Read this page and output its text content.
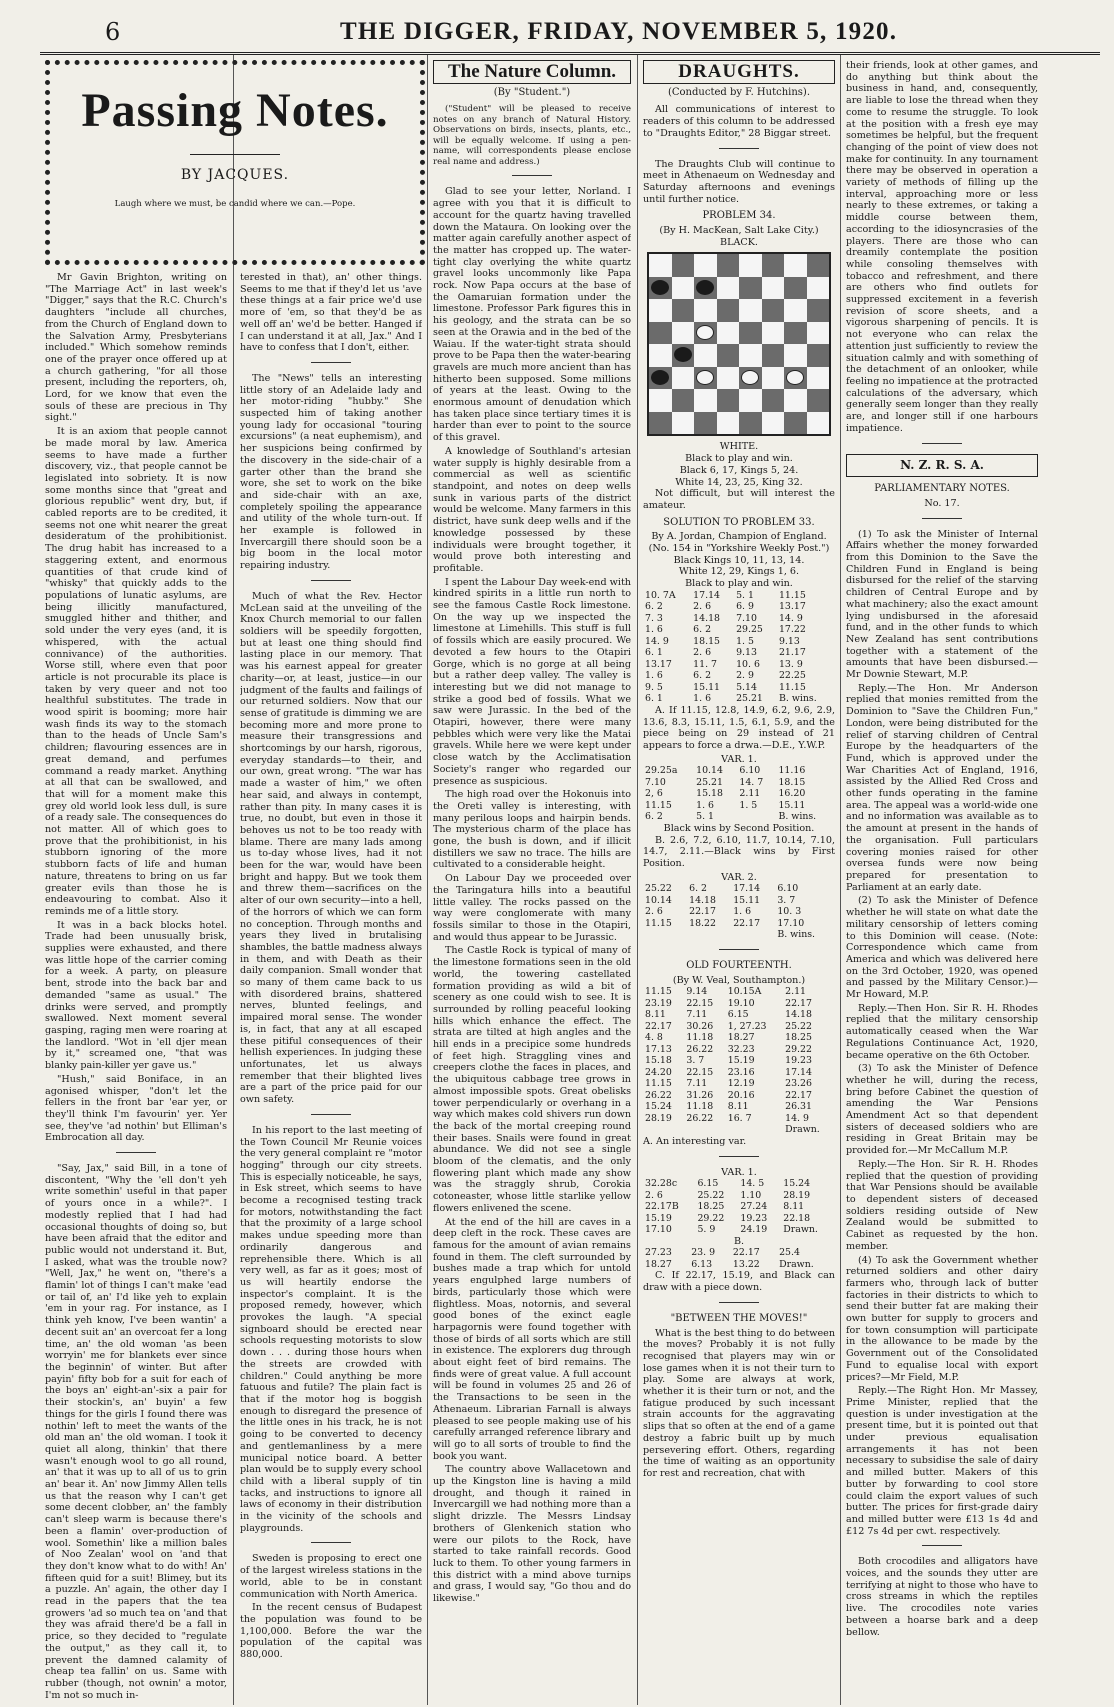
6	THE DIGGER, FRIDAY, NOVEMBER 5, 1920.
Passing Notes.
BY JACQUES.
Laugh where we must, be candid where we can.—Pope.

Mr Gavin Brighton, writing on "The Marriage Act" in last week's "Digger," says that the R.C. Church's daughters "include all churches, from the Church of England down to the Salvation Army, Presbyterians included." Which somehow reminds one of the prayer once offered up at a church gathering, "for all those present, including the reporters, oh, Lord, for we know that even the souls of these are precious in Thy sight."

It is an axiom that people cannot be made moral by law. America seems to have made a further discovery, viz., that people cannot be legislated into sobriety. It is now some months since that "great and glorious republic" went dry, but, if cabled reports are to be credited, it seems not one whit nearer the great desideratum of the prohibitionist. The drug habit has increased to a staggering extent, and enormous quantities of that crude kind of "whisky" that quickly adds to the populations of lunatic asylums, are being illicitly manufactured, smuggled hither and thither, and sold under the very eyes (and, it is whispered, with the actual connivance) of the authorities. Worse still, where even that poor article is not procurable its place is taken by very queer and not too healthful substitutes. The trade in wood spirit is booming; more hair wash finds its way to the stomach than to the heads of Uncle Sam's children; flavouring essences are in great demand, and perfumes command a ready market. Anything at all that can be swallowed, and that will for a moment make this grey old world look less dull, is sure of a ready sale. The consequences do not matter. All of which goes to prove that the prohibitionist, in his stubborn ignoring of the more stubborn facts of life and human nature, threatens to bring on us far greater evils than those he is endeavouring to combat. Also it reminds me of a little story.

It was in a back blocks hotel. Trade had been unusually brisk, supplies were exhausted, and there was little hope of the carrier coming for a week. A party, on pleasure bent, strode into the back bar and demanded "same as usual." The drinks were served, and promptly swallowed. Next moment several gasping, raging men were roaring at the landlord. "Wot in 'ell djer mean by it," screamed one, "that was blanky pain-killer yer gave us."

"Hush," said Boniface, in an agonised whisper, "don't let the fellers in the front bar 'ear yer, or they'll think I'm favourin' yer. Yer see, they've 'ad nothin' but Elliman's Embrocation all day.

"Say, Jax," said Bill, in a tone of discontent, "Why the 'ell don't yeh write somethin' useful in that paper of yours once in a while?". I modestly replied that I had had occasional thoughts of doing so, but have been afraid that the editor and public would not understand it. But, I asked, what was the trouble now? "Well, Jax," he went on, "there's a flamin' lot of things I can't make 'ead or tail of, an' I'd like yeh to explain 'em in your rag. For instance, as I think yeh know, I've been wantin' a decent suit an' an overcoat fer a long time, an' the old woman 'as been worryin' me for blankets ever since the beginnin' of winter. But after payin' fifty bob for a suit for each of the boys an' eight-an'-six a pair for their stockin's, an' buyin' a few things for the girls I found there was nothin' left to meet the wants of the old man an' the old woman. I took it quiet all along, thinkin' that there wasn't enough wool to go all round, an' that it was up to all of us to grin an' bear it. An' now Jimmy Allen tells us that the reason why I can't get some decent clobber, an' the fambly can't sleep warm is because there's been a flamin' over-production of wool. Somethin' like a million bales of Noo Zealan' wool on 'and that they don't know what to do with! An' fifteen quid for a suit! Blimey, but its a puzzle. An' again, the other day I read in the papers that the tea growers 'ad so much tea on 'and that they was afraid there'd be a fall in price, so they decided to "regulate the output," as they call it, to prevent the damned calamity of cheap tea fallin' on us. Same with rubber (though, not ownin' a motor, I'm not so much in-

terested in that), an' other things. Seems to me that if they'd let us 'ave these things at a fair price we'd use more of 'em, so that they'd be as well off an' we'd be better. Hanged if I can understand it at all, Jax." And I have to confess that I don't, either.

The "News" tells an interesting little story of an Adelaide lady and her motor-riding "hubby." She suspected him of taking another young lady for occasional "touring excursions" (a neat euphemism), and her suspicions being confirmed by the discovery in the side-chair of a garter other than the brand she wore, she set to work on the bike and side-chair with an axe, completely spoiling the appearance and utility of the whole turn-out. If her example is followed in Invercargill there should soon be a big boom in the local motor repairing industry.

Much of what the Rev. Hector McLean said at the unveiling of the Knox Church memorial to our fallen soldiers will be speedily forgotten, but at least one thing should find lasting place in our memory. That was his earnest appeal for greater charity—or, at least, justice—in our judgment of the faults and failings of our returned soldiers. Now that our sense of gratitude is dimming we are becoming more and more prone to measure their transgressions and shortcomings by our harsh, rigorous, everyday standards—to their, and our own, great wrong. "The war has made a waster of him," we often hear said, and always in contempt, rather than pity. In many cases it is true, no doubt, but even in those it behoves us not to be too ready with blame. There are many lads among us to-day whose lives, had it not been for the war, would have been bright and happy. But we took them and threw them—sacrifices on the alter of our own security—into a hell, of the horrors of which we can form no conception. Through months and years they lived in brutalising shambles, the battle madness always in them, and with Death as their daily companion. Small wonder that so many of them came back to us with disordered brains, shattered nerves, blunted feelings, and impaired moral sense. The wonder is, in fact, that any at all escaped these pitiful consequences of their hellish experiences. In judging these unfortunates, let us always remember that their blighted lives are a part of the price paid for our own safety.

In his report to the last meeting of the Town Council Mr Reunie voices the very general complaint re "motor hogging" through our city streets. This is especially noticeable, he says, in Esk street, which seems to have become a recognised testing track for motors, notwithstanding the fact that the proximity of a large school makes undue speeding more than ordinarily dangerous and reprehensible there. Which is all very well, as far as it goes; most of us will heartily endorse the inspector's complaint. It is the proposed remedy, however, which provokes the laugh. "A special signboard should be erected near schools requesting motorists to slow down . . . during those hours when the streets are crowded with children." Could anything be more fatuous and futile? The plain fact is that if the motor hog is boggish enough to disregard the presence of the little ones in his track, he is not going to be converted to decency and gentlemanliness by a mere municipal notice board. A better plan would be to supply every school child with a liberal supply of tin tacks, and instructions to ignore all laws of economy in their distribution in the vicinity of the schools and playgrounds.

Sweden is proposing to erect one of the largest wireless stations in the world, able to be in constant communication with North America.

In the recent census of Budapest the population was found to be 1,100,000. Before the war the population of the capital was 880,000.

The Nature Column.
(By "Student.")

("Student" will be pleased to receive notes on any branch of Natural History. Observations on birds, insects, plants, etc., will be equally welcome. If using a pen-name, will correspondents please enclose real name and address.)

Glad to see your letter, Norland. I agree with you that it is difficult to account for the quartz having travelled down the Mataura. On looking over the matter again carefully another aspect of the matter has cropped up. The water-tight clay overlying the white quartz gravel looks uncommonly like Papa rock. Now Papa occurs at the base of the Oamaruian formation under the limestone. Professor Park figures this in his geology, and the strata can be so seen at the Orawia and in the bed of the Waiau. If the water-tight strata should prove to be Papa then the water-bearing gravels are much more ancient than has hitherto been supposed. Some millions of years at the least. Owing to the enormous amount of denudation which has taken place since tertiary times it is harder than ever to point to the source of this gravel.

A knowledge of Southland's artesian water supply is highly desirable from a commercial as well as scientific standpoint, and notes on deep wells sunk in various parts of the district would be welcome. Many farmers in this district, have sunk deep wells and if the knowledge possessed by these individuals were brought together, it would prove both interesting and profitable.

I spent the Labour Day week-end with kindred spirits in a little run north to see the famous Castle Rock limestone. On the way up we inspected the limestone at Limehills. This stuff is full of fossils which are easily procured. We devoted a few hours to the Otapiri Gorge, which is no gorge at all being but a rather deep valley. The valley is interesting but we did not manage to strike a good bed of fossils. What we saw were Jurassic. In the bed of the Otapiri, however, there were many pebbles which were very like the Matai gravels. While here we were kept under close watch by the Acclimatisation Society's ranger who regarded our presence as suspicious.

The high road over the Hokonuis into the Oreti valley is interesting, with many perilous loops and hairpin bends. The mysterious charm of the place has gone, the bush is down, and if illicit distillers we saw no trace. The hills are cultivated to a considerable height.

On Labour Day we proceeded over the Taringatura hills into a beautiful little valley. The rocks passed on the way were conglomerate with many fossils similar to those in the Otapiri, and would thus appear to be Jurassic.

The Castle Rock is typical of many of the limestone formations seen in the old world, the towering castellated formation providing as wild a bit of scenery as one could wish to see. It is surrounded by rolling peaceful looking hills which enhance the effect. The strata are tilted at high angles and the hill ends in a precipice some hundreds of feet high. Straggling vines and creepers clothe the faces in places, and the ubiquitous cabbage tree grows in almost impossible spots. Great obelisks tower perpendicularly or overhang in a way which makes cold shivers run down the back of the mortal creeping round their bases. Snails were found in great abundance. We did not see a single bloom of the clematis, and the only flowering plant which made any show was the straggly shrub, Corokia cotoneaster, whose little starlike yellow flowers enlivened the scene.

At the end of the hill are caves in a deep cleft in the rock. These caves are famous for the amount of avian remains found in them. The cleft surrounded by bushes made a trap which for untold years engulphed large numbers of birds, particularly those which were flightless. Moas, notornis, and several good bones of the exinct eagle harpagornis were found together with those of birds of all sorts which are still in existence. The explorers dug through about eight feet of bird remains. The finds were of great value. A full account will be found in volumes 25 and 26 of the Transactions to be seen in the Athenaeum. Librarian Farnall is always pleased to see people making use of his carefully arranged reference library and will go to all sorts of trouble to find the book you want.

The country above Wallacetown and up the Kingston line is having a mild drought, and though it rained in Invercargill we had nothing more than a slight drizzle. The Messrs Lindsay brothers of Glenkenich station who were our pilots to the Rock, have started to take rainfall records. Good luck to them. To other young farmers in this district with a mind above turnips and grass, I would say, "Go thou and do likewise."

DRAUGHTS.
(Conducted by F. Hutchins).

All communications of interest to readers of this column to be addressed to "Draughts Editor," 28 Biggar street.

The Draughts Club will continue to meet in Athenaeum on Wednesday and Saturday afternoons and evenings until further notice.

PROBLEM 34.
(By H. MacKean, Salt Lake City.)
BLACK.
WHITE.
Black to play and win.
Black 6, 17, Kings 5, 24.
White 14, 23, 25, King 32.

Not difficult, but will interest the amateur.

SOLUTION TO PROBLEM 33.
By A. Jordan, Champion of England.
(No. 154 in "Yorkshire Weekly Post.")
Black Kings 10, 11, 13, 14.
White 12, 29, Kings 1, 6.
Black to play and win.
10. 7A	17.14	5. 1	11.15
6. 2	2. 6	6. 9	13.17
7. 3	14.18	7.10	14. 9
1. 6	6. 2	29.25	17.22
14. 9	18.15	1. 5	9.13
6. 1	2. 6	9.13	21.17
13.17	11. 7	10. 6	13. 9
1. 6	6. 2	2. 9	22.25
9. 5	15.11	5.14	11.15
6. 1	1. 6	25.21	B. wins.

A. If 11.15, 12.8, 14.9, 6.2, 9.6, 2.9, 13.6, 8.3, 15.11, 1.5, 6.1, 5.9, and the piece being on 29 instead of 21 appears to force a drwa.—D.E., Y.W.P.

VAR. 1.
29.25a	10.14	6.10	11.16
7.10	25.21	14. 7	18.15
2, 6	15.18	2.11	16.20
11.15	1. 6	1. 5	15.11
6. 2	5. 1		B. wins.
Black wins by Second Position.

B. 2.6, 7.2, 6.10, 11.7, 10.14, 7.10, 14.7, 2.11.—Black wins by First Position.

VAR. 2.
25.22	6. 2	17.14	6.10
10.14	14.18	15.11	3. 7
2. 6	22.17	1. 6	10. 3
11.15	18.22	22.17	17.10
			B. wins.
OLD FOURTEENTH.
(By W. Veal, Southampton.)
11.15	9.14	10.15A	2.11
23.19	22.15	19.10	22.17
8.11	7.11	6.15	14.18
22.17	30.26	1, 27.23	25.22
4. 8	11.18	18.27	18.25
17.13	26.22	32.23	29.22
15.18	3. 7	15.19	19.23
24.20	22.15	23.16	17.14
11.15	7.11	12.19	23.26
26.22	31.26	20.16	22.17
15.24	11.18	8.11	26.31
28.19	26.22	16. 7	14. 9
			Drawn.
A. An interesting var.
VAR. 1.
32.28c	6.15	14. 5	15.24
2. 6	25.22	1.10	28.19
22.17B	18.25	27.24	8.11
15.19	29.22	19.23	22.18
17.10	5. 9	24.19	Drawn.
B.
27.23	23. 9	22.17	25.4
18.27	6.13	13.22	Drawn.

C. If 22.17, 15.19, and Black can draw with a piece down.

"BETWEEN THE MOVES!"

What is the best thing to do between the moves? Probably it is not fully recognised that players may win or lose games when it is not their turn to play. Some are always at work, whether it is their turn or not, and the fatigue produced by such incessant strain accounts for the aggravating slips that so often at the end of a game destroy a fabric built up by much persevering effort. Others, regarding the time of waiting as an opportunity for rest and recreation, chat with

their friends, look at other games, and do anything but think about the business in hand, and, consequently, are liable to lose the thread when they come to resume the struggle. To look at the position with a fresh eye may sometimes be helpful, but the frequent changing of the point of view does not make for continuity. In any tournament there may be observed in operation a variety of methods of filling up the interval, approaching more or less nearly to these extremes, or taking a middle course between them, according to the idiosyncrasies of the players. There are those who can dreamily contemplate the position while consoling themselves with tobacco and refreshment, and there are others who find outlets for suppressed excitement in a feverish revision of score sheets, and a vigorous sharpening of pencils. It is not everyone who can relax the attention just sufficiently to review the situation calmly and with something of the detachment of an onlooker, while feeling no impatience at the protracted calculations of the adversary, which generally seem longer than they really are, and longer still if one harbours impatience.

N. Z. R. S. A.
PARLIAMENTARY NOTES.
No. 17.

(1) To ask the Minister of Internal Affairs whether the money forwarded from this Dominion to the Save the Children Fund in England is being disbursed for the relief of the starving children of Central Europe and by what machinery; also the exact amount lying undisbursed in the aforesaid fund, and in the other funds to which New Zealand has sent contributions together with a statement of the amounts that have been disbursed.—Mr Downie Stewart, M.P.

Reply.—The Hon. Mr Anderson replied that monies remitted from the Dominion to "Save the Children Fun," London, were being distributed for the relief of starving children of Central Europe by the headquarters of the Fund, which is approved under the War Charities Act of England, 1916, assisted by the Allied Red Cross and other funds operating in the famine area. The appeal was a world-wide one and no information was available as to the amount at present in the hands of the organisation. Full particulars covering monies raised for other oversea funds were now being prepared for presentation to Parliament at an early date.

(2) To ask the Minister of Defence whether he will state on what date the military censorship of letters coming to this Dominion will cease. (Note: Correspondence which came from America and which was delivered here on the 3rd October, 1920, was opened and passed by the Military Censor.)—Mr Howard, M.P.

Reply.—Then Hon. Sir R. H. Rhodes replied that the military censorship automatically ceased when the War Regulations Continuance Act, 1920, became operative on the 6th October.

(3) To ask the Minister of Defence whether he will, during the recess, bring before Cabinet the question of amending the War Pensions Amendment Act so that dependent sisters of deceased soldiers who are residing in Great Britain may be provided for.—Mr McCallum M.P.

Reply.—The Hon. Sir R. H. Rhodes replied that the question of providing that War Pensions should be available to dependent sisters of deceased soldiers residing outside of New Zealand would be submitted to Cabinet as requested by the hon. member.

(4) To ask the Government whether returned soldiers and other dairy farmers who, through lack of butter factories in their districts to which to send their butter fat are making their own butter for supply to grocers and for town consumption will participate in the allowance to be made by the Government out of the Consolidated Fund to equalise local with export prices?—Mr Field, M.P.

Reply.—The Right Hon. Mr Massey, Prime Minister, replied that the question is under investigation at the present time, but it is pointed out that under previous equalisation arrangements it has not been necessary to subsidise the sale of dairy and milled butter. Makers of this butter by forwarding to cool store could claim the export values of such butter. The prices for first-grade dairy and milled butter were £13 1s 4d and £12 7s 4d per cwt. respectively.

Both crocodiles and alligators have voices, and the sounds they utter are terrifying at night to those who have to cross streams in which the reptiles live. The crocodiles note varies between a hoarse bark and a deep bellow.
